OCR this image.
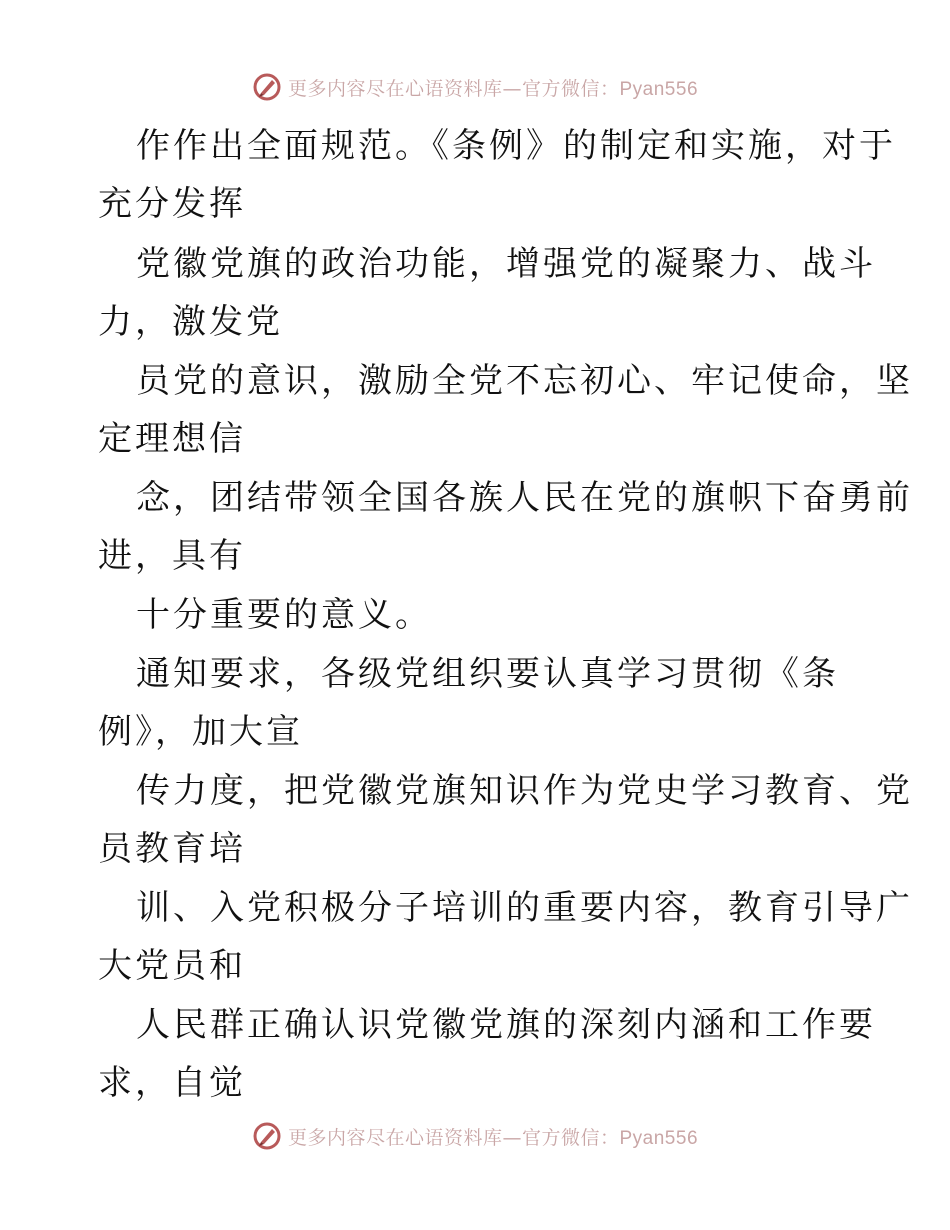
更多内容尽在心语资料库—官方微信：Pyan556
作作出全面规范。《条例》的制定和实施，对于
充分发挥
党徽党旗的政治功能，增强党的凝聚力、战斗
力，激发党
员党的意识，激励全党不忘初心、牢记使命，坚
定理想信
念，团结带领全国各族人民在党的旗帜下奋勇前
进，具有
十分重要的意义。
通知要求，各级党组织要认真学习贯彻《条
例》，加大宣
传力度，把党徽党旗知识作为党史学习教育、党
员教育培
训、入党积极分子培训的重要内容，教育引导广
大党员和
人民群正确认识党徽党旗的深刻内涵和工作要
求，自觉
更多内容尽在心语资料库—官方微信：Pyan556
